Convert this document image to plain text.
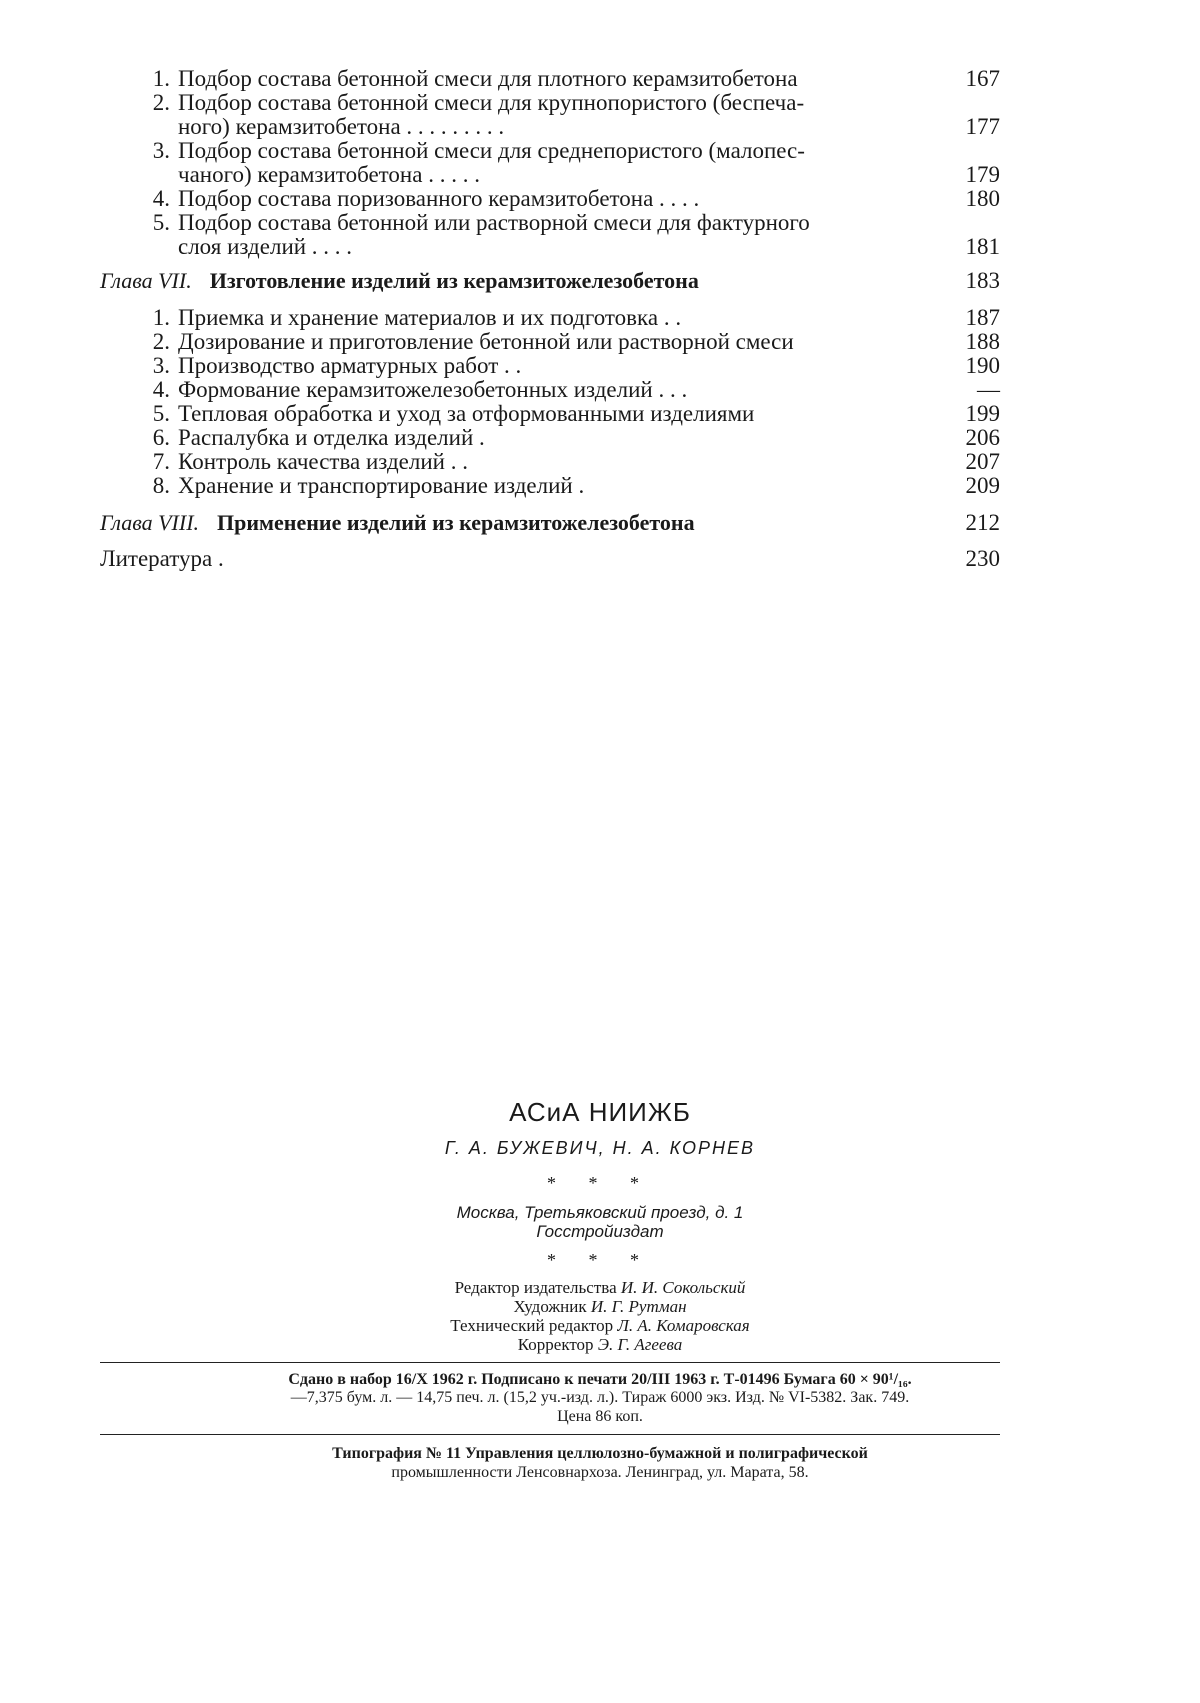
1. Подбор состава бетонной смеси для плотного керамзитобетона	167
2. Подбор состава бетонной смеси для крупнопористого (беспеча-
ного) керамзитобетона . . . . . . . . .	177
3. Подбор состава бетонной смеси для среднепористого (малопес-
чаного) керамзитобетона . . . . .	179
4. Подбор состава поризованного керамзитобетона . . . .	180
5. Подбор состава бетонной или растворной смеси для фактурного
слоя изделий . . . .	181
Глава VII. Изготовление изделий из керамзитожелезобетона	183
1. Приемка и хранение материалов и их подготовка . .	187
2. Дозирование и приготовление бетонной или растворной смеси	188
3. Производство арматурных работ . .	190
4. Формование керамзитожелезобетонных изделий . . .	—
5. Тепловая обработка и уход за отформованными изделиями	199
6. Распалубка и отделка изделий .	206
7. Контроль качества изделий . .	207
8. Хранение и транспортирование изделий .	209
Глава VIII. Применение изделий из керамзитожелезобетона	212
Литература .	230
АСиА НИИЖБ
Г. А. БУЖЕВИЧ, Н. А. КОРНЕВ
* * *
Москва, Третьяковский проезд, д. 1
Госстройиздат
* * *
Редактор издательства И. И. Сокольский
Художник И. Г. Рутман
Технический редактор Л. А. Комаровская
Корректор Э. Г. Агеева
Сдано в набор 16/X 1962 г. Подписано к печати 20/III 1963 г. Т-01496 Бумага 60 × 90¹/₁₆.
—7,375 бум. л. — 14,75 печ. л. (15,2 уч.-изд. л.). Тираж 6000 экз. Изд. № VI-5382. Зак. 749.
Цена 86 коп.
Типография № 11 Управления целлюлозно-бумажной и полиграфической
промышленности Ленсовнархоза. Ленинград, ул. Марата, 58.
